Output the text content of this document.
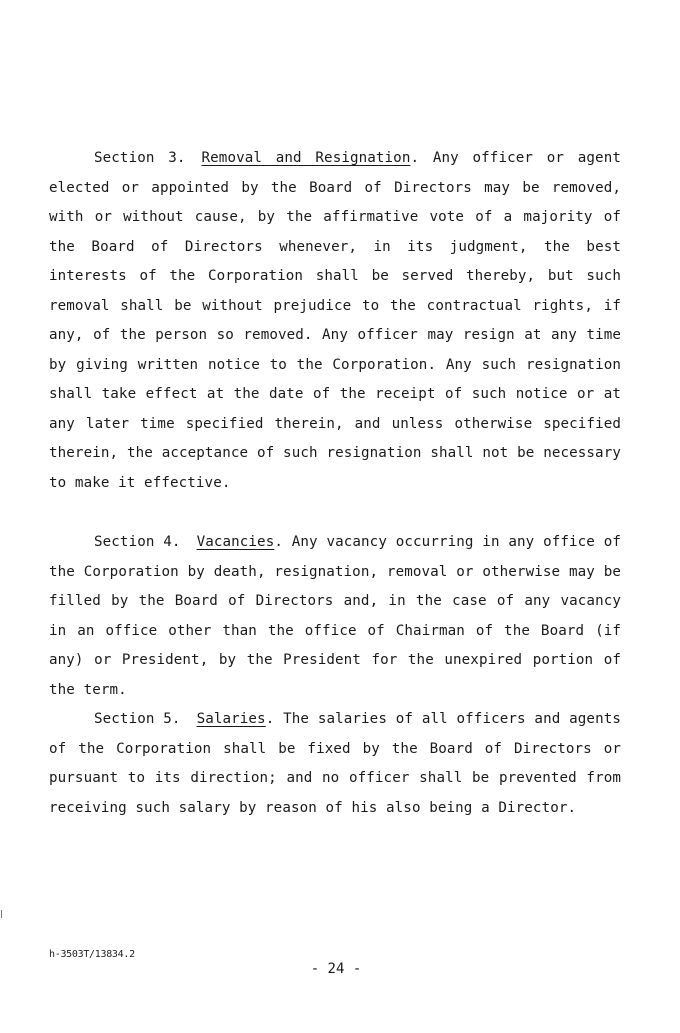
Section 3. Removal and Resignation. Any officer or agent elected or appointed by the Board of Directors may be removed, with or without cause, by the affirmative vote of a majority of the Board of Directors whenever, in its judgment, the best interests of the Corporation shall be served thereby, but such removal shall be without prejudice to the contractual rights, if any, of the person so removed. Any officer may resign at any time by giving written notice to the Corporation. Any such resignation shall take effect at the date of the receipt of such notice or at any later time specified therein, and unless otherwise specified therein, the acceptance of such resignation shall not be necessary to make it effective.

Section 4. Vacancies. Any vacancy occurring in any office of the Corporation by death, resignation, removal or otherwise may be filled by the Board of Directors and, in the case of any vacancy in an office other than the office of Chairman of the Board (if any) or President, by the President for the unexpired portion of the term.

Section 5. Salaries. The salaries of all officers and agents of the Corporation shall be fixed by the Board of Directors or pursuant to its direction; and no officer shall be prevented from receiving such salary by reason of his also being a Director.

h-3503T/13834.2
- 24 -
